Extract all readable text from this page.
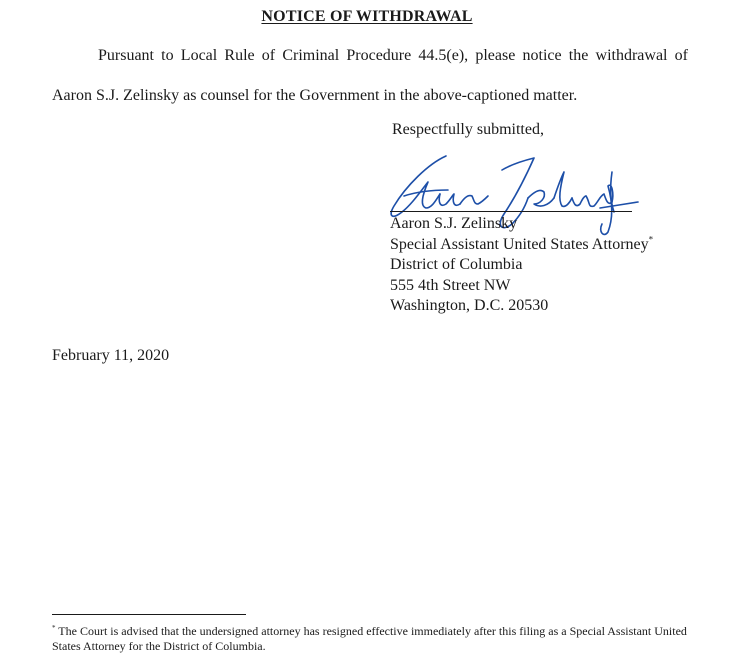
NOTICE OF WITHDRAWAL
Pursuant to Local Rule of Criminal Procedure 44.5(e), please notice the withdrawal of
Aaron S.J. Zelinsky as counsel for the Government in the above-captioned matter.
Respectfully submitted,
Aaron S.J. Zelinsky
Special Assistant United States Attorney*
District of Columbia
555 4th Street NW
Washington, D.C. 20530
February 11, 2020
* The Court is advised that the undersigned attorney has resigned effective immediately after this filing as a Special Assistant United States Attorney for the District of Columbia.
